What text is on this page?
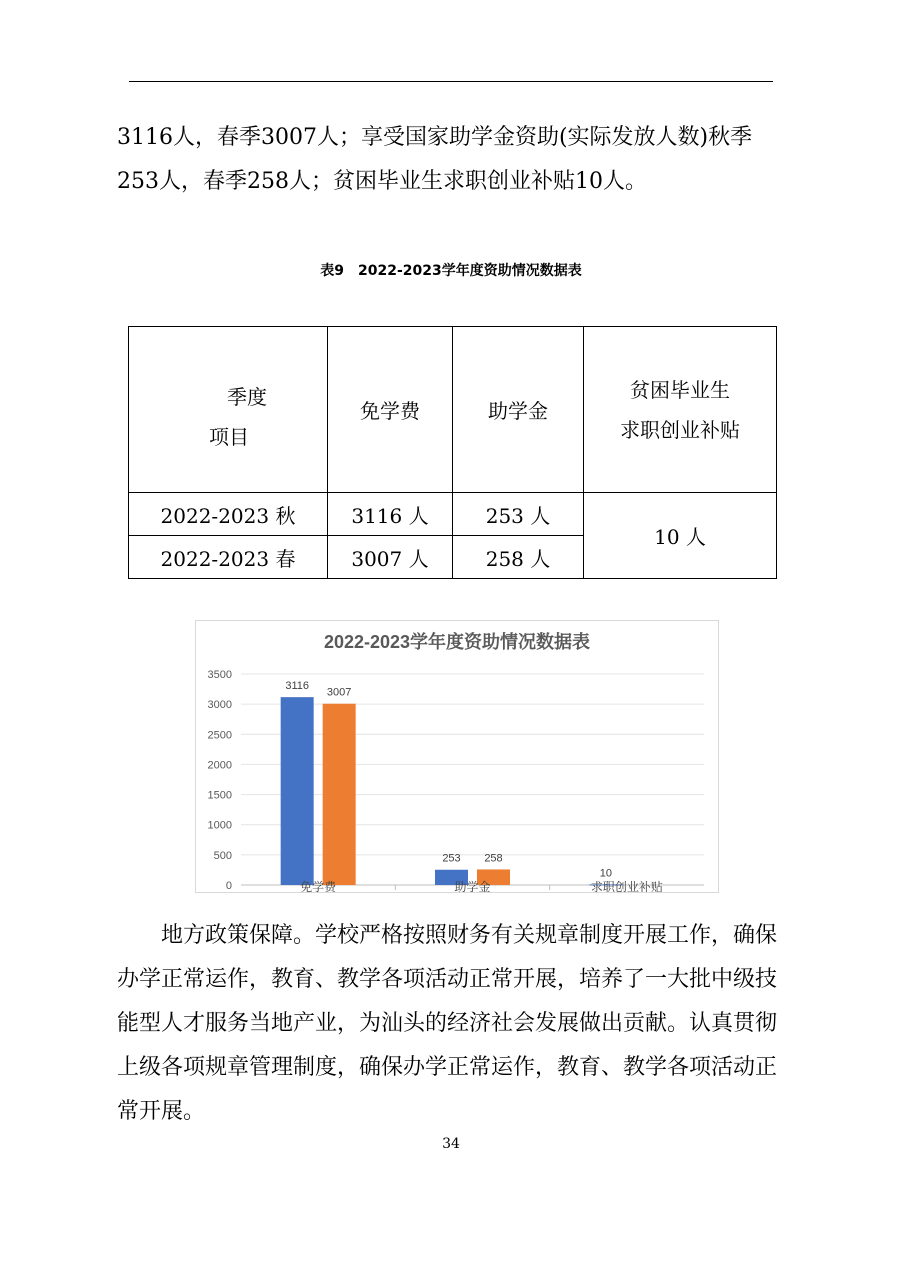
3116人，春季3007人；享受国家助学金资助(实际发放人数)秋季253人，春季258人；贫困毕业生求职创业补贴10人。

表9　2022-2023学年度资助情况数据表
季度
项目	免学费	助学金	贫困毕业生
求职创业补贴
2022-2023 秋	3116 人	253 人	10 人
2022-2023 春	3007 人	258 人	
2022-2023学年度资助情况数据表
0
500
1000
1500
2000
2500
3000
3500
3116
3007
253 258
10
免学费	助学金	求职创业补贴

地方政策保障。学校严格按照财务有关规章制度开展工作，确保办学正常运作，教育、教学各项活动正常开展，培养了一大批中级技能型人才服务当地产业，为汕头的经济社会发展做出贡献。认真贯彻上级各项规章管理制度，确保办学正常运作，教育、教学各项活动正常开展。

34
